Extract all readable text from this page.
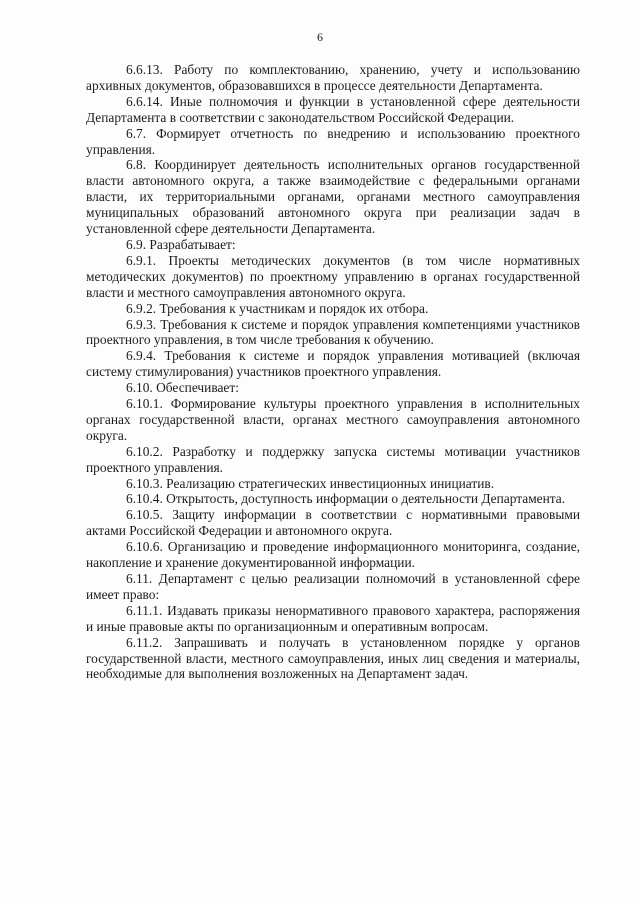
6

6.6.13. Работу по комплектованию, хранению, учету и использованию архивных документов, образовавшихся в процессе деятельности Департамента.

6.6.14. Иные полномочия и функции в установленной сфере деятельности Департамента в соответствии с законодательством Российской Федерации.

6.7. Формирует отчетность по внедрению и использованию проектного управления.

6.8. Координирует деятельность исполнительных органов государственной власти автономного округа, а также взаимодействие с федеральными органами власти, их территориальными органами, органами местного самоуправления муниципальных образований автономного округа при реализации задач в установленной сфере деятельности Департамента.

6.9. Разрабатывает:

6.9.1. Проекты методических документов (в том числе нормативных методических документов) по проектному управлению в органах государственной власти и местного самоуправления автономного округа.

6.9.2. Требования к участникам и порядок их отбора.

6.9.3. Требования к системе и порядок управления компетенциями участников проектного управления, в том числе требования к обучению.

6.9.4. Требования к системе и порядок управления мотивацией (включая систему стимулирования) участников проектного управления.

6.10. Обеспечивает:

6.10.1. Формирование культуры проектного управления в исполнительных органах государственной власти, органах местного самоуправления автономного округа.

6.10.2. Разработку и поддержку запуска системы мотивации участников проектного управления.

6.10.3. Реализацию стратегических инвестиционных инициатив.

6.10.4. Открытость, доступность информации о деятельности Департамента.

6.10.5. Защиту информации в соответствии с нормативными правовыми актами Российской Федерации и автономного округа.

6.10.6. Организацию и проведение информационного мониторинга, создание, накопление и хранение документированной информации.

6.11. Департамент с целью реализации полномочий в установленной сфере имеет право:

6.11.1. Издавать приказы ненормативного правового характера, распоряжения и иные правовые акты по организационным и оперативным вопросам.

6.11.2. Запрашивать и получать в установленном порядке у органов государственной власти, местного самоуправления, иных лиц сведения и материалы, необходимые для выполнения возложенных на Департамент задач.
